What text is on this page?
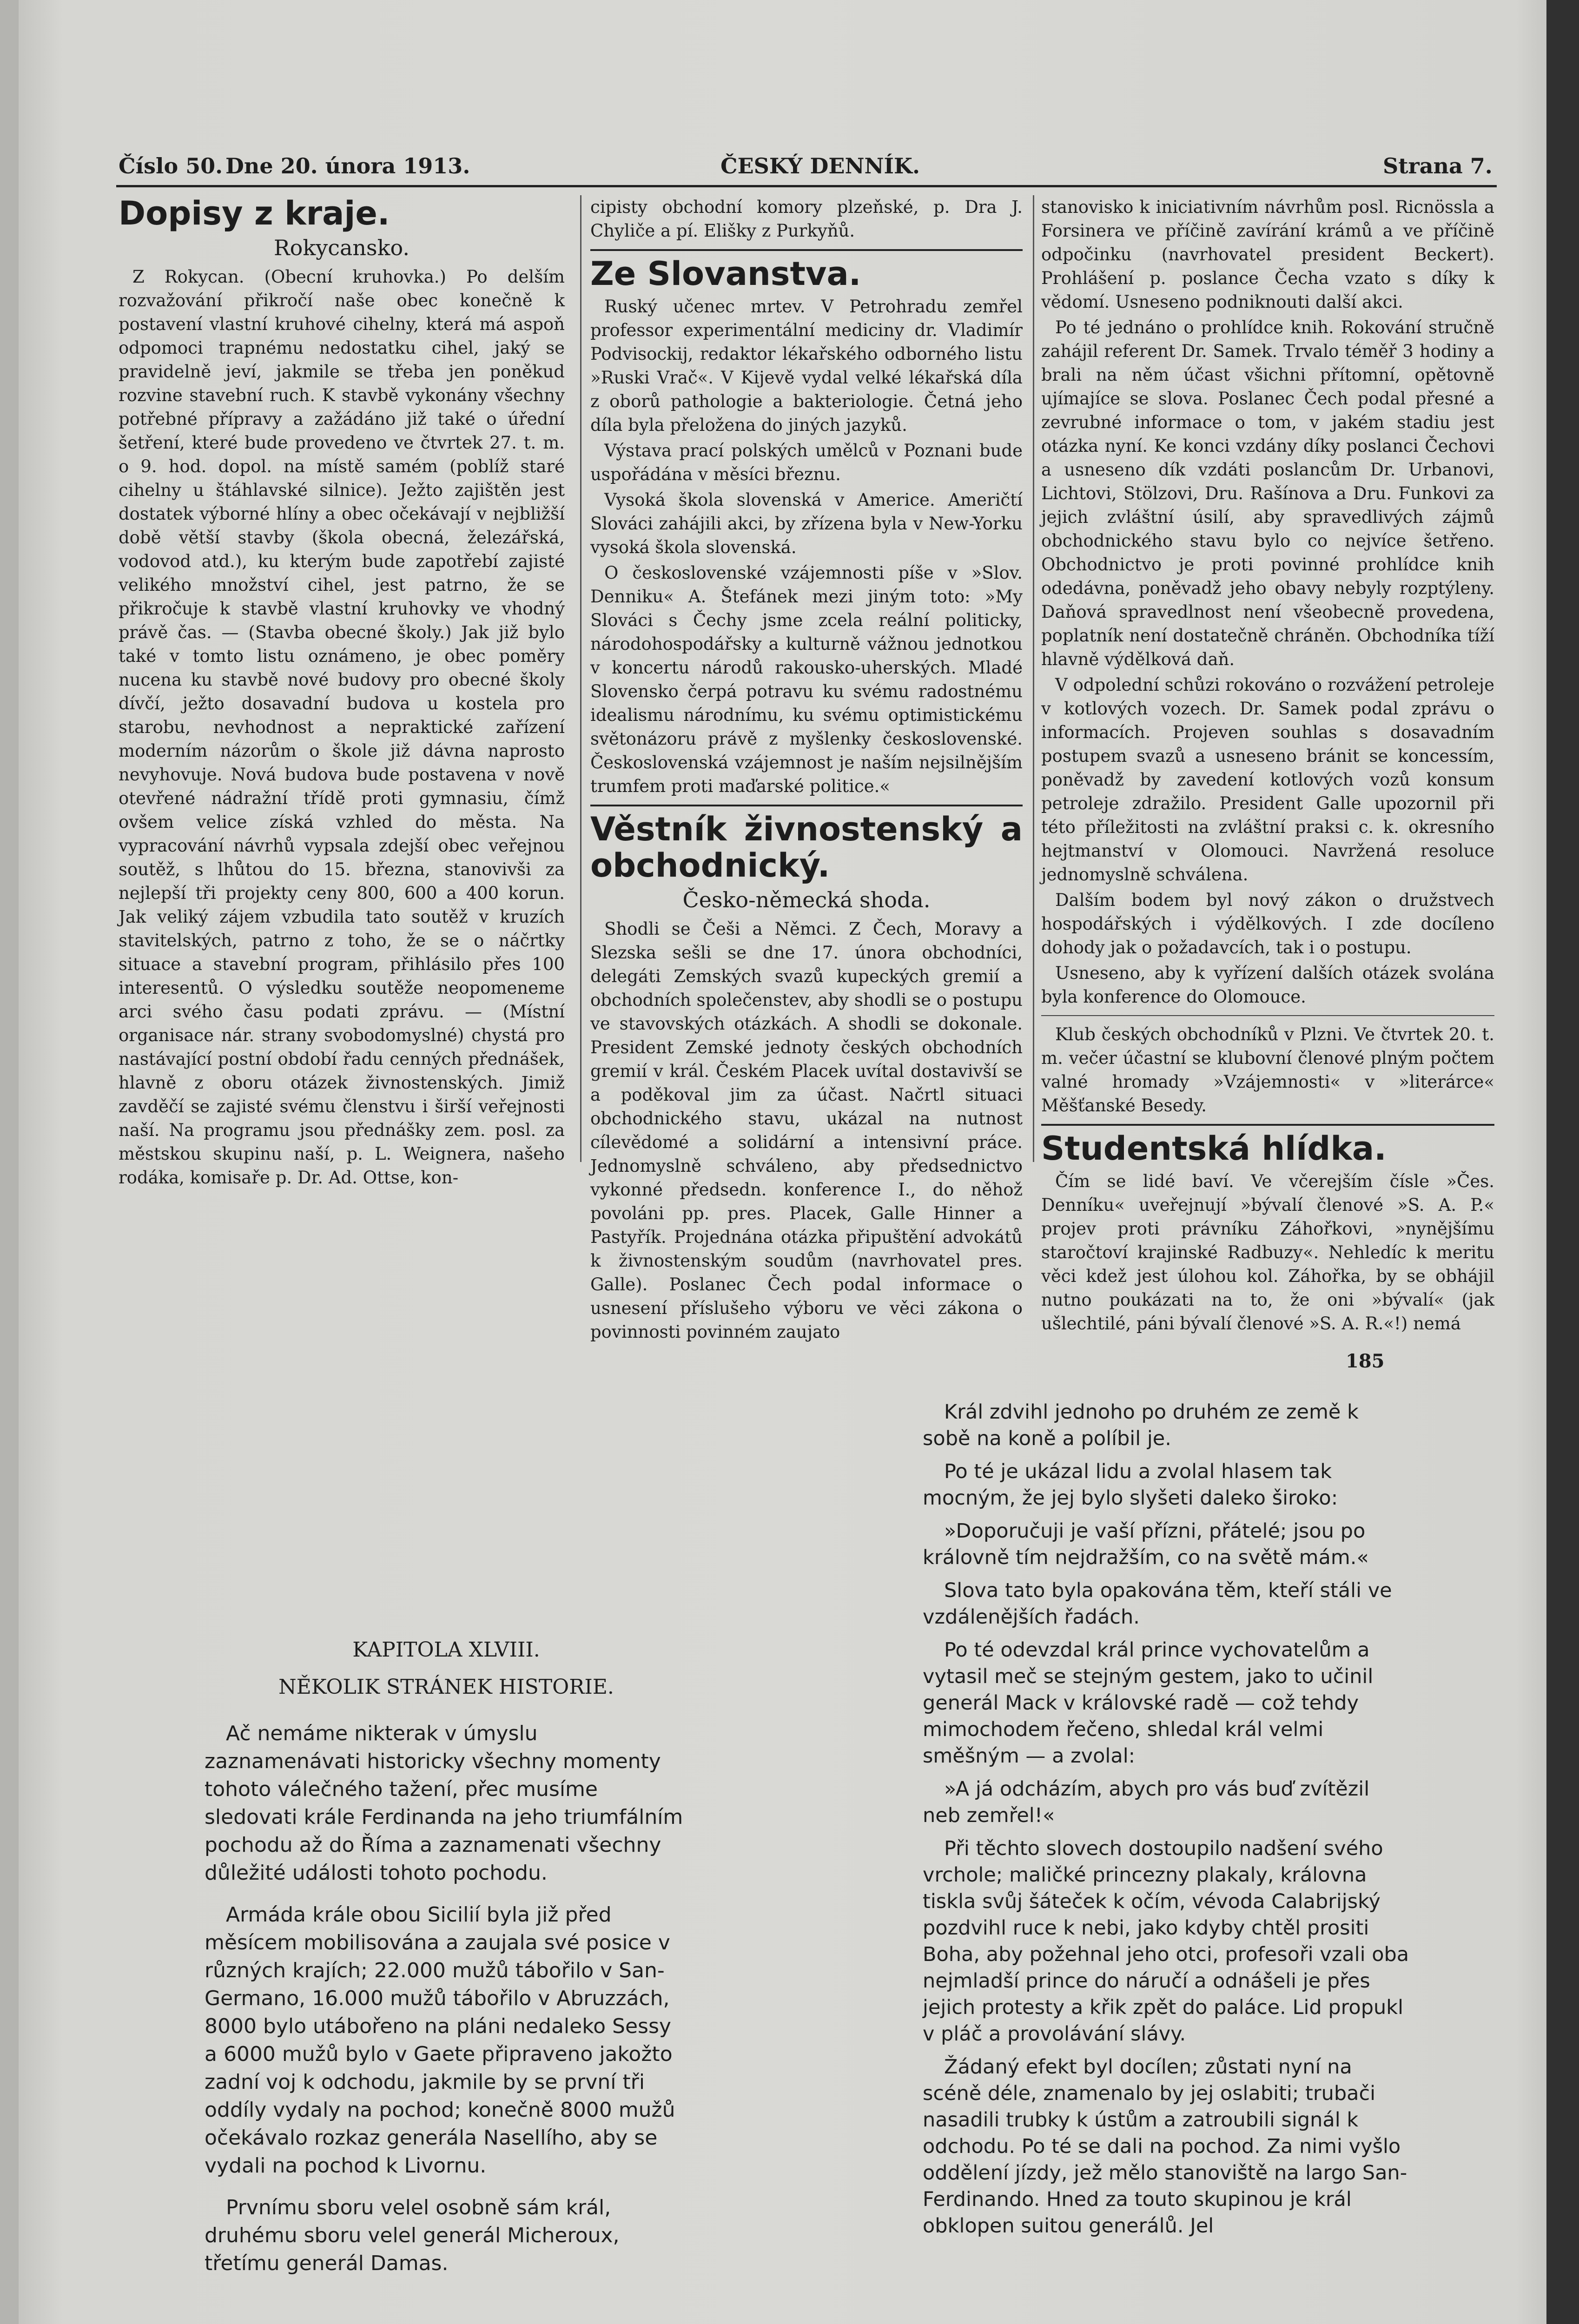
Číslo 50. Dne 20. února 1913.	ČESKÝ DENNÍK.	Strana 7.
Dopisy z kraje.
Rokycansko.

Z Rokycan. (Obecní kruhovka.) Po delším rozvažování přikročí naše obec konečně k postavení vlastní kruhové cihelny, která má aspoň odpomoci trapnému nedostatku cihel, jaký se pravidelně jeví, jakmile se třeba jen poněkud rozvine stavební ruch. K stavbě vykonány všechny potřebné přípravy a zažádáno již také o úřední šetření, které bude provedeno ve čtvrtek 27. t. m. o 9. hod. dopol. na místě samém (poblíž staré cihelny u štáhlavské silnice). Ježto zajištěn jest dostatek výborné hlíny a obec očekávají v nejbližší době větší stavby (škola obecná, železářská, vodovod atd.), ku kterým bude zapotřebí zajisté velikého množství cihel, jest patrno, že se přikročuje k stavbě vlastní kruhovky ve vhodný právě čas. — (Stavba obecné školy.) Jak již bylo také v tomto listu oznámeno, je obec poměry nucena ku stavbě nové budovy pro obecné školy dívčí, ježto dosavadní budova u kostela pro starobu, nevhodnost a nepraktické zařízení moderním názorům o škole již dávna naprosto nevyhovuje. Nová budova bude postavena v nově otevřené nádražní třídě proti gymnasiu, čímž ovšem velice získá vzhled do města. Na vypracování návrhů vypsala zdejší obec veřejnou soutěž, s lhůtou do 15. března, stanovivši za nejlepší tři projekty ceny 800, 600 a 400 korun. Jak veliký zájem vzbudila tato soutěž v kruzích stavitelských, patrno z toho, že se o náčrtky situace a stavební program, přihlásilo přes 100 interesentů. O výsledku soutěže neopomeneme arci svého času podati zprávu. — (Místní organisace nár. strany svobodomyslné) chystá pro nastávající postní období řadu cenných přednášek, hlavně z oboru otázek živnostenských. Jimiž zavděčí se zajisté svému členstvu i širší veřejnosti naší. Na programu jsou přednášky zem. posl. za městskou skupinu naší, p. L. Weignera, našeho rodáka, komisaře p. Dr. Ad. Ottse, kon-

cipisty obchodní komory plzeňské, p. Dra J. Chyliče a pí. Elišky z Purkyňů.

Ze Slovanstva.

Ruský učenec mrtev. V Petrohradu zemřel professor experimentální mediciny dr. Vladimír Podvisockij, redaktor lékařského odborného listu »Ruski Vrač«. V Kijevě vydal velké lékařská díla z oborů pathologie a bakteriologie. Četná jeho díla byla přeložena do jiných jazyků.

Výstava prací polských umělců v Poznani bude uspořádána v měsíci březnu.

Vysoká škola slovenská v Americe. Američtí Slováci zahájili akci, by zřízena byla v New-Yorku vysoká škola slovenská.

O československé vzájemnosti píše v »Slov. Denniku« A. Štefánek mezi jiným toto: »My Slováci s Čechy jsme zcela reální politicky, národohospodářsky a kulturně vážnou jednotkou v koncertu národů rakousko-uherských. Mladé Slovensko čerpá potravu ku svému radostnému idealismu národnímu, ku svému optimistickému světonázoru právě z myšlenky československé. Československá vzájemnost je naším nejsilnějším trumfem proti maďarské politice.«

Věstník živnostenský a obchodnický.
Česko-německá shoda.

Shodli se Češi a Němci. Z Čech, Moravy a Slezska sešli se dne 17. února obchodníci, delegáti Zemských svazů kupeckých gremií a obchodních společenstev, aby shodli se o postupu ve stavovských otázkách. A shodli se dokonale. President Zemské jednoty českých obchodních gremií v král. Českém Placek uvítal dostavivší se a poděkoval jim za účast. Načrtl situaci obchodnického stavu, ukázal na nutnost cílevědomé a solidární a intensivní práce. Jednomyslně schváleno, aby předsednictvo vykonné předsedn. konference I., do něhož povoláni pp. pres. Placek, Galle Hinner a Pastyřík. Projednána otázka připuštění advokátů k živnostenským soudům (navrhovatel pres. Galle). Poslanec Čech podal informace o usnesení příslušeho výboru ve věci zákona o povinnosti povinném zaujato

stanovisko k iniciativním návrhům posl. Ricnössla a Forsinera ve příčině zavírání krámů a ve příčině odpočinku (navrhovatel president Beckert). Prohlášení p. poslance Čecha vzato s díky k vědomí. Usneseno podniknouti další akci.

Po té jednáno o prohlídce knih. Rokování stručně zahájil referent Dr. Samek. Trvalo téměř 3 hodiny a brali na něm účast všichni přítomní, opětovně ujímajíce se slova. Poslanec Čech podal přesné a zevrubné informace o tom, v jakém stadiu jest otázka nyní. Ke konci vzdány díky poslanci Čechovi a usneseno dík vzdáti poslancům Dr. Urbanovi, Lichtovi, Stölzovi, Dru. Rašínova a Dru. Funkovi za jejich zvláštní úsilí, aby spravedlivých zájmů obchodnického stavu bylo co nejvíce šetřeno. Obchodnictvo je proti povinné prohlídce knih odedávna, poněvadž jeho obavy nebyly rozptýleny. Daňová spravedlnost není všeobecně provedena, poplatník není dostatečně chráněn. Obchodníka tíží hlavně výdělková daň.

V odpolední schůzi rokováno o rozvážení petroleje v kotlových vozech. Dr. Samek podal zprávu o informacích. Projeven souhlas s dosavadním postupem svazů a usneseno bránit se koncessím, poněvadž by zavedení kotlových vozů konsum petroleje zdražilo. President Galle upozornil při této příležitosti na zvláštní praksi c. k. okresního hejtmanství v Olomouci. Navržená resoluce jednomyslně schválena.

Dalším bodem byl nový zákon o družstvech hospodářských i výdělkových. I zde docíleno dohody jak o požadavcích, tak i o postupu.

Usneseno, aby k vyřízení dalších otázek svolána byla konference do Olomouce.

Klub českých obchodníků v Plzni. Ve čtvrtek 20. t. m. večer účastní se klubovní členové plným počtem valné hromady »Vzájemnosti« v »literárce« Měšťanské Besedy.

Studentská hlídka.

Čím se lidé baví. Ve včerejším čísle »Čes. Denníku« uveřejnují »bývalí členové »S. A. P.« projev proti právníku Záhořkovi, »nynějšímu staročtoví krajinské Radbuzy«. Nehledíc k meritu věci kdež jest úlohou kol. Záhořka, by se obhájil nutno poukázati na to, že oni »bývalí« (jak ušlechtilé, páni bývalí členové »S. A. R.«!) nemá

185
KAPITOLA XLVIII.
NĚKOLIK STRÁNEK HISTORIE.

Ač nemáme nikterak v úmyslu zaznamenávati historicky všechny momenty tohoto válečného tažení, přec musíme sledovati krále Ferdinanda na jeho triumfálním pochodu až do Říma a zaznamenati všechny důležité události tohoto pochodu.

Armáda krále obou Sicilií byla již před měsícem mobilisována a zaujala své posice v různých krajích; 22.000 mužů tábořilo v San-Germano, 16.000 mužů tábořilo v Abruzzách, 8000 bylo utábořeno na pláni nedaleko Sessy a 6000 mužů bylo v Gaete připraveno jakožto zadní voj k odchodu, jakmile by se první tři oddíly vydaly na pochod; konečně 8000 mužů očekávalo rozkaz generála Nasellího, aby se vydali na pochod k Livornu.

Prvnímu sboru velel osobně sám král, druhému sboru velel generál Micheroux, třetímu generál Damas.

Král zdvihl jednoho po druhém ze země k sobě na koně a políbil je.

Po té je ukázal lidu a zvolal hlasem tak mocným, že jej bylo slyšeti daleko široko:

»Doporučuji je vaší přízni, přátelé; jsou po královně tím nejdražším, co na světě mám.«

Slova tato byla opakována těm, kteří stáli ve vzdálenějších řadách.

Po té odevzdal král prince vychovatelům a vytasil meč se stejným gestem, jako to učinil generál Mack v královské radě — což tehdy mimochodem řečeno, shledal král velmi směšným — a zvolal:

»A já odcházím, abych pro vás buď zvítězil neb zemřel!«

Při těchto slovech dostoupilo nadšení svého vrchole; maličké princezny plakaly, královna tiskla svůj šáteček k očím, vévoda Calabrijský pozdvihl ruce k nebi, jako kdyby chtěl prositi Boha, aby požehnal jeho otci, profesoři vzali oba nejmladší prince do náručí a odnášeli je přes jejich protesty a křik zpět do paláce. Lid propukl v pláč a provolávání slávy.

Žádaný efekt byl docílen; zůstati nyní na scéně déle, znamenalo by jej oslabiti; trubači nasadili trubky k ústům a zatroubili signál k odchodu. Po té se dali na pochod. Za nimi vyšlo oddělení jízdy, jež mělo stanoviště na largo San-Ferdinando. Hned za touto skupinou je král obklopen suitou generálů. Jel
